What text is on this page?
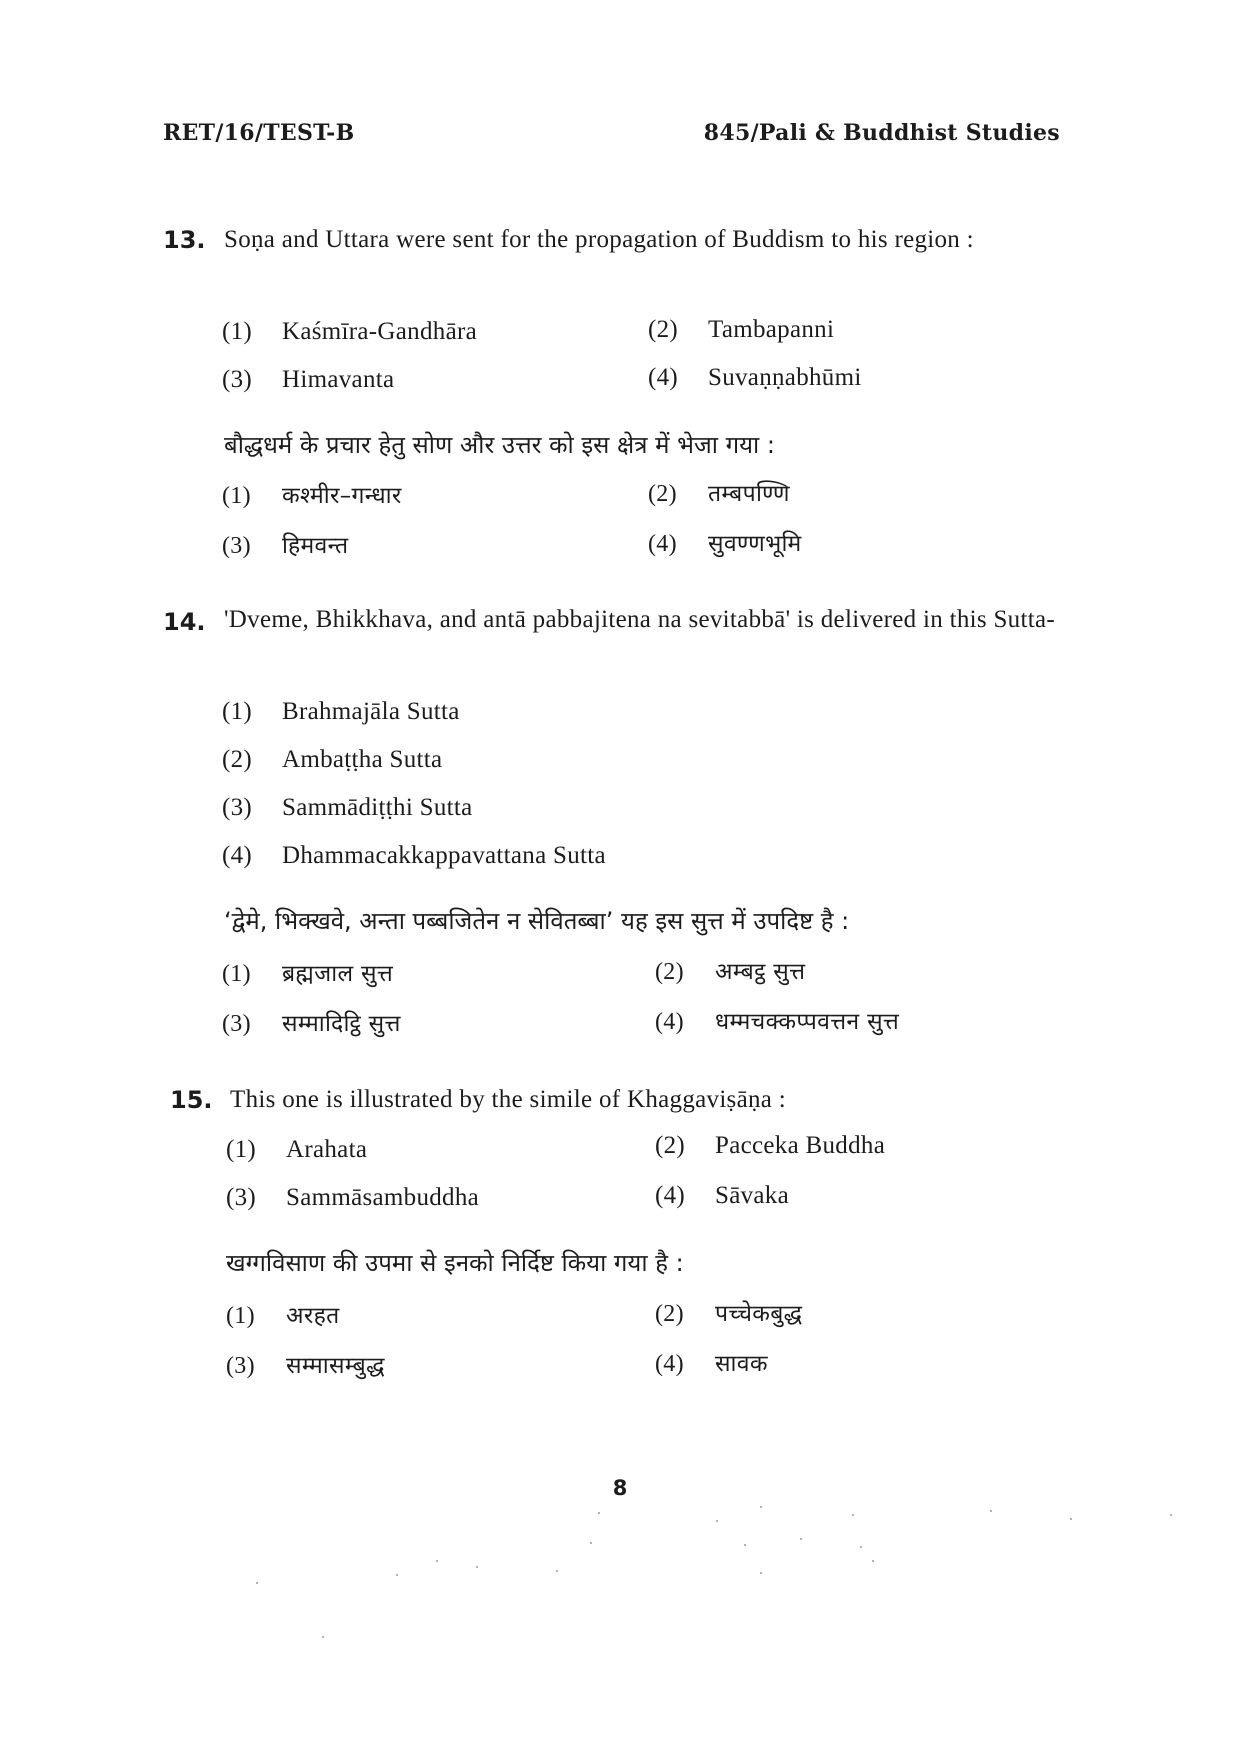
RET/16/TEST-B	845/Pali & Buddhist Studies
13. Soṇa and Uttara were sent for the propagation of Buddism to his region :
(1) Kaśmīra-Gandhāra	(2) Tambapanni
(3) Himavanta	(4) Suvaṇṇabhūmi
बौद्धधर्म के प्रचार हेतु सोण और उत्तर को इस क्षेत्र में भेजा गया :
(1) कश्मीर–गन्धार	(2) तम्बपण्णि
(3) हिमवन्त	(4) सुवण्णभूमि
14. 'Dveme, Bhikkhava, and antā pabbajitena na sevitabbā' is delivered in this Sutta-
(1) Brahmajāla Sutta
(2) Ambaṭṭha Sutta
(3) Sammādiṭṭhi Sutta
(4) Dhammacakkappavattana Sutta
‘द्वेमे, भिक्खवे, अन्ता पब्बजितेन न सेवितब्बा’ यह इस सुत्त में उपदिष्ट है :
(1) ब्रह्मजाल सुत्त	(2) अम्बट्ठ सुत्त
(3) सम्मादिट्ठि सुत्त	(4) धम्मचक्कप्पवत्तन सुत्त
15. This one is illustrated by the simile of Khaggaviṣāṇa :
(1) Arahata	(2) Pacceka Buddha
(3) Sammāsambuddha	(4) Sāvaka
खग्गविसाण की उपमा से इनको निर्दिष्ट किया गया है :
(1) अरहत	(2) पच्चेकबुद्ध
(3) सम्मासम्बुद्ध	(4) सावक
8
